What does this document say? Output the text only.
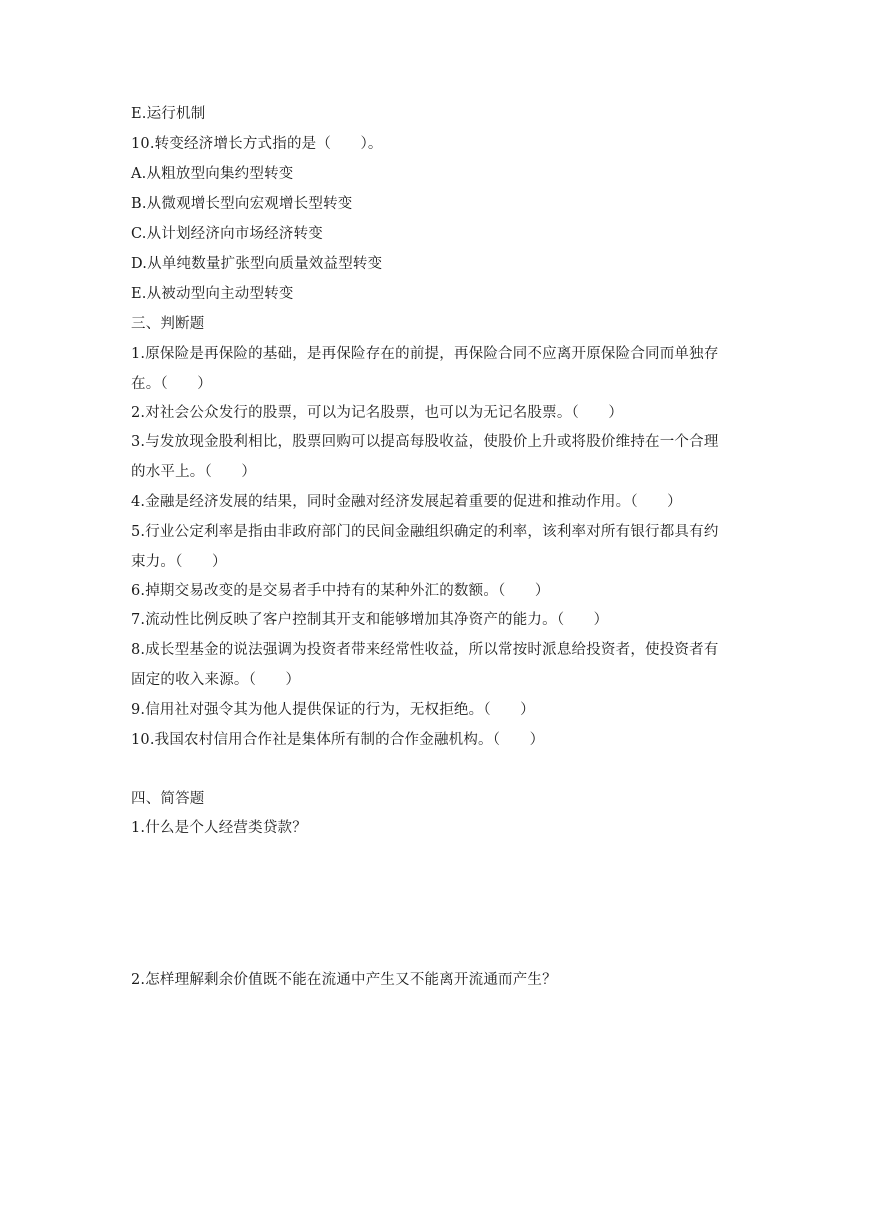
E.运行机制
10.转变经济增长方式指的是（　　）。
A.从粗放型向集约型转变
B.从微观增长型向宏观增长型转变
C.从计划经济向市场经济转变
D.从单纯数量扩张型向质量效益型转变
E.从被动型向主动型转变
三、判断题
1.原保险是再保险的基础，是再保险存在的前提，再保险合同不应离开原保险合同而单独存
在。（　　）
2.对社会公众发行的股票，可以为记名股票，也可以为无记名股票。（　　）
3.与发放现金股利相比，股票回购可以提高每股收益，使股价上升或将股价维持在一个合理
的水平上。（　　）
4.金融是经济发展的结果，同时金融对经济发展起着重要的促进和推动作用。（　　）
5.行业公定利率是指由非政府部门的民间金融组织确定的利率，该利率对所有银行都具有约
束力。（　　）
6.掉期交易改变的是交易者手中持有的某种外汇的数额。（　　）
7.流动性比例反映了客户控制其开支和能够增加其净资产的能力。（　　）
8.成长型基金的说法强调为投资者带来经常性收益，所以常按时派息给投资者，使投资者有
固定的收入来源。（　　）
9.信用社对强令其为他人提供保证的行为，无权拒绝。（　　）
10.我国农村信用合作社是集体所有制的合作金融机构。（　　）
四、简答题
1.什么是个人经营类贷款？
2.怎样理解剩余价值既不能在流通中产生又不能离开流通而产生？
